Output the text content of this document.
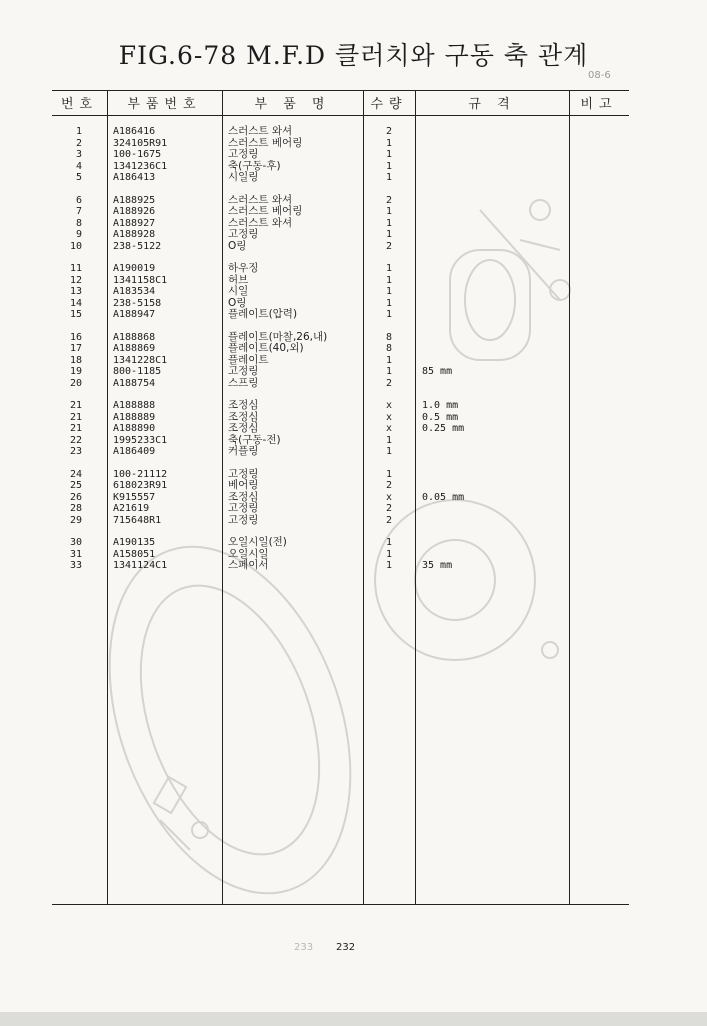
FIG.6-78 M.F.D 클러치와 구동 축 관계
08-6
번호	부품번호	부 품 명	수량	규 격	비고
1	A186416	스러스트 와셔	2
2	324105R91	스러스트 베어링	1
3	100-1675	고정링	1
4	1341236C1	축(구동-후)	1
5	A186413	시일링	1
6	A188925	스러스트 와셔	2
7	A188926	스러스트 베어링	1
8	A188927	스러스트 와셔	1
9	A188928	고정링	1
10	238-5122	O링	2
11	A190019	하우징	1
12	1341158C1	허브	1
13	A183534	시일	1
14	238-5158	O링	1
15	A188947	플레이트(압력)	1
16	A188868	플레이트(마찰,26,내)	8
17	A188869	플레이트(40,외)	8
18	1341228C1	플레이트	1
19	800-1185	고정링	1	85 mm
20	A188754	스프링	2
21	A188888	조정심	x	1.0 mm
21	A188889	조정심	x	0.5 mm
21	A188890	조정심	x	0.25 mm
22	1995233C1	축(구동-전)	1
23	A186409	커플링	1
24	100-21112	고정링	1
25	618023R91	베어링	2
26	K915557	조정심	x	0.05 mm
28	A21619	고정링	2
29	715648R1	고정링	2
30	A190135	오일시일(전)	1
31	A158051	오일시일	1
33	1341124C1	스페이서	1	35 mm
233 232
